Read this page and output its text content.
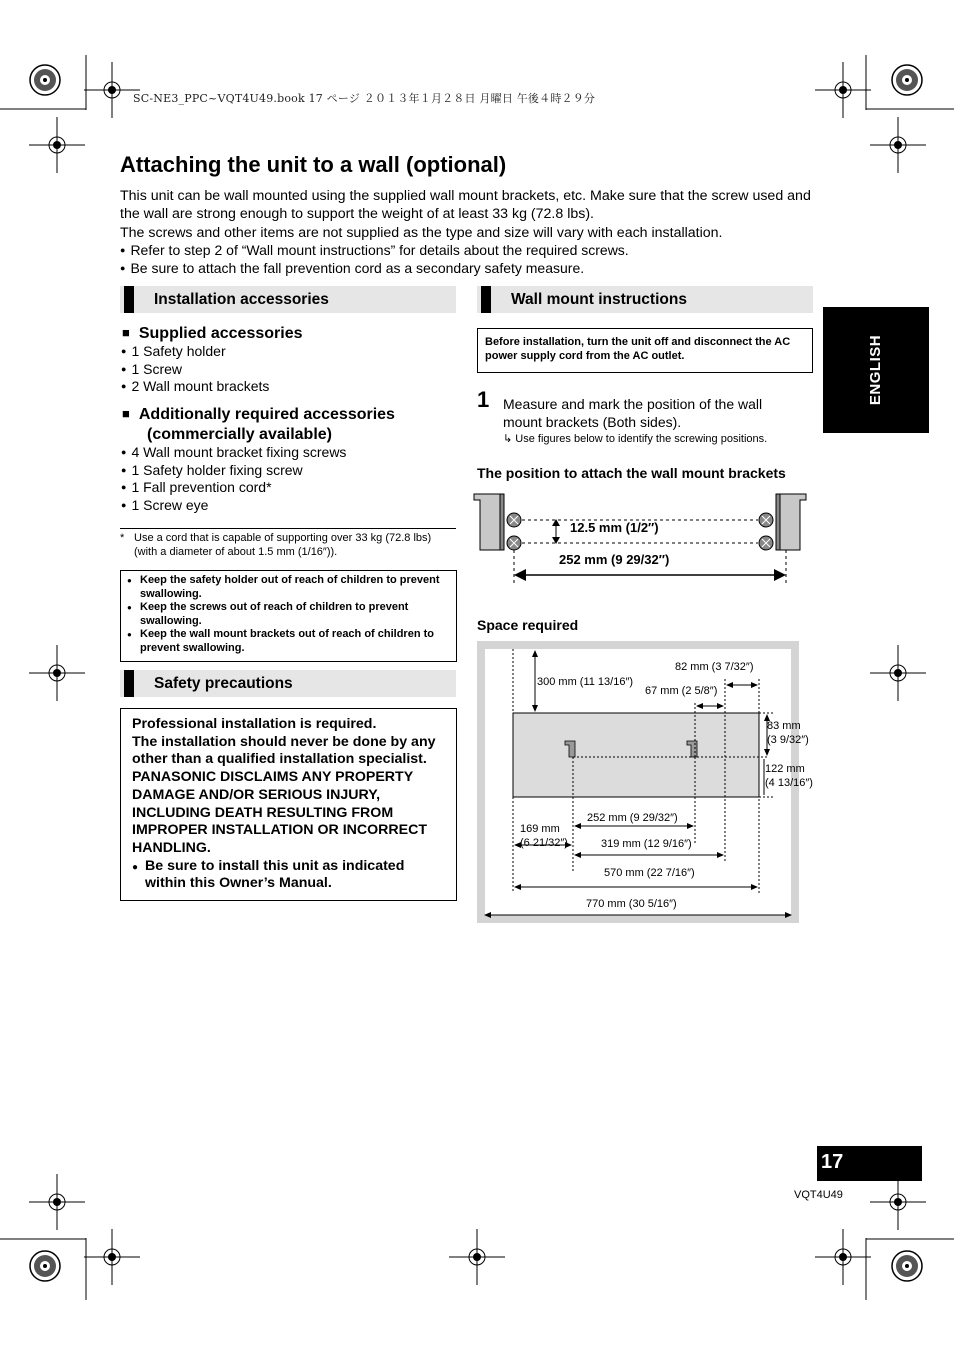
SC-NE3_PPC~VQT4U49.book 17 ページ ２０１３年１月２８日 月曜日 午後４時２９分
Attaching the unit to a wall (optional)

This unit can be wall mounted using the supplied wall mount brackets, etc. Make sure that the screw used and the wall are strong enough to support the weight of at least 33 kg (72.8 lbs).

The screws and other items are not supplied as the type and size will vary with each installation.

● Refer to step 2 of “Wall mount instructions” for details about the required screws.
● Be sure to attach the fall prevention cord as a secondary safety measure.
Installation accessories
■ Supplied accessories
● 1 Safety holder
● 1 Screw
● 2 Wall mount brackets
■ Additionally required accessories
(commercially available)
● 4 Wall mount bracket fixing screws
● 1 Safety holder fixing screw
● 1 Fall prevention cord*
● 1 Screw eye
* Use a cord that is capable of supporting over 33 kg (72.8 lbs) (with a diameter of about 1.5 mm (1/16″)).
● Keep the safety holder out of reach of children to prevent swallowing.
● Keep the screws out of reach of children to prevent swallowing.
● Keep the wall mount brackets out of reach of children to prevent swallowing.
Safety precautions

Professional installation is required.

The installation should never be done by any other than a qualified installation specialist.

PANASONIC DISCLAIMS ANY PROPERTY DAMAGE AND/OR SERIOUS INJURY, INCLUDING DEATH RESULTING FROM IMPROPER INSTALLATION OR INCORRECT HANDLING.

● Be sure to install this unit as indicated within this Owner’s Manual.

Wall mount instructions
Before installation, turn the unit off and disconnect the AC power supply cord from the AC outlet.
1 Measure and mark the position of the wall mount brackets (Both sides).
↳ Use figures below to identify the screwing positions.
The position to attach the wall mount brackets
12.5 mm (1/2″)
252 mm (9 29/32″)
Space required
300 mm (11 13/16″)
82 mm (3 7/32″)
67 mm (2 5/8″)
83 mm
(3 9/32″)
122 mm
(4 13/16″)
252 mm (9 29/32″)
169 mm
(6 21/32″)	319 mm (12 9/16″)
570 mm (22 7/16″)
770 mm (30 5/16″)
ENGLISH
17
VQT4U49
